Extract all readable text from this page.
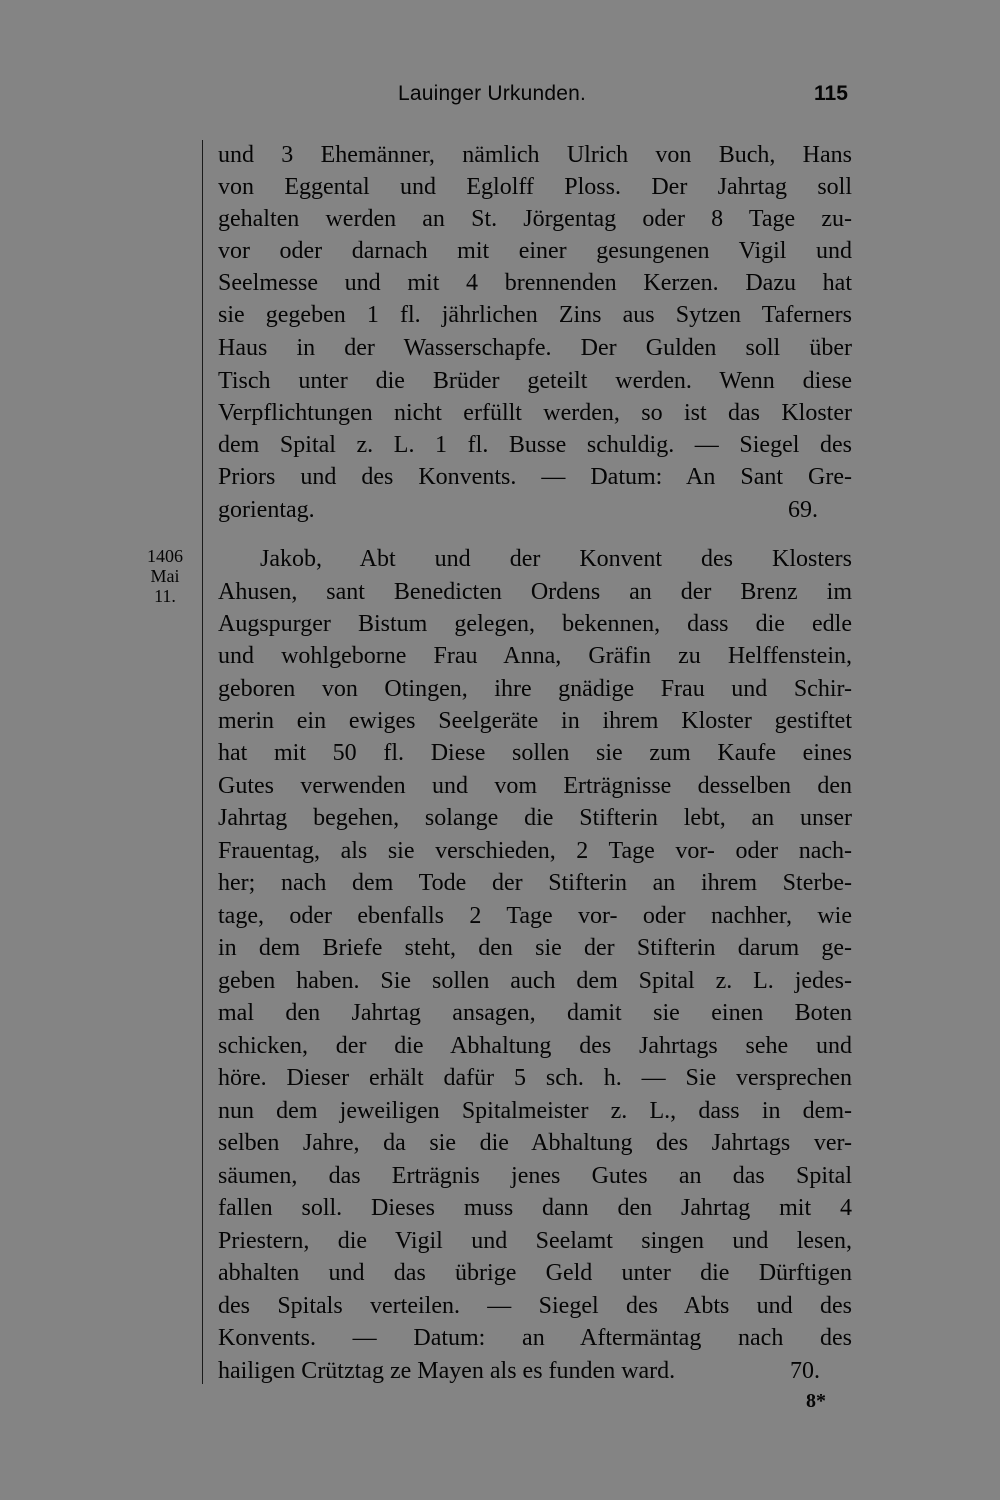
Lauinger Urkunden.	115
1406
Mai
11.
und 3 Ehemänner, nämlich Ulrich von Buch, Hans
von Eggental und Eglolff Ploss. Der Jahrtag soll
gehalten werden an St. Jörgentag oder 8 Tage zu-
vor oder darnach mit einer gesungenen Vigil und
Seelmesse und mit 4 brennenden Kerzen. Dazu hat
sie gegeben 1 fl. jährlichen Zins aus Sytzen Taferners
Haus in der Wasserschapfe. Der Gulden soll über
Tisch unter die Brüder geteilt werden. Wenn diese
Verpflichtungen nicht erfüllt werden, so ist das Kloster
dem Spital z. L. 1 fl. Busse schuldig. — Siegel des
Priors und des Konvents. — Datum: An Sant Gre-
gorientag.	69.
Jakob, Abt und der Konvent des Klosters
Ahusen, sant Benedicten Ordens an der Brenz im
Augspurger Bistum gelegen, bekennen, dass die edle
und wohlgeborne Frau Anna, Gräfin zu Helffenstein,
geboren von Otingen, ihre gnädige Frau und Schir-
merin ein ewiges Seelgeräte in ihrem Kloster gestiftet
hat mit 50 fl. Diese sollen sie zum Kaufe eines
Gutes verwenden und vom Erträgnisse desselben den
Jahrtag begehen, solange die Stifterin lebt, an unser
Frauentag, als sie verschieden, 2 Tage vor- oder nach-
her; nach dem Tode der Stifterin an ihrem Sterbe-
tage, oder ebenfalls 2 Tage vor- oder nachher, wie
in dem Briefe steht, den sie der Stifterin darum ge-
geben haben. Sie sollen auch dem Spital z. L. jedes-
mal den Jahrtag ansagen, damit sie einen Boten
schicken, der die Abhaltung des Jahrtags sehe und
höre. Dieser erhält dafür 5 sch. h. — Sie versprechen
nun dem jeweiligen Spitalmeister z. L., dass in dem-
selben Jahre, da sie die Abhaltung des Jahrtags ver-
säumen, das Erträgnis jenes Gutes an das Spital
fallen soll. Dieses muss dann den Jahrtag mit 4
Priestern, die Vigil und Seelamt singen und lesen,
abhalten und das übrige Geld unter die Dürftigen
des Spitals verteilen. — Siegel des Abts und des
Konvents. — Datum: an Aftermäntag nach des
hailigen Crütztag ze Mayen als es funden ward.	70.
8*
